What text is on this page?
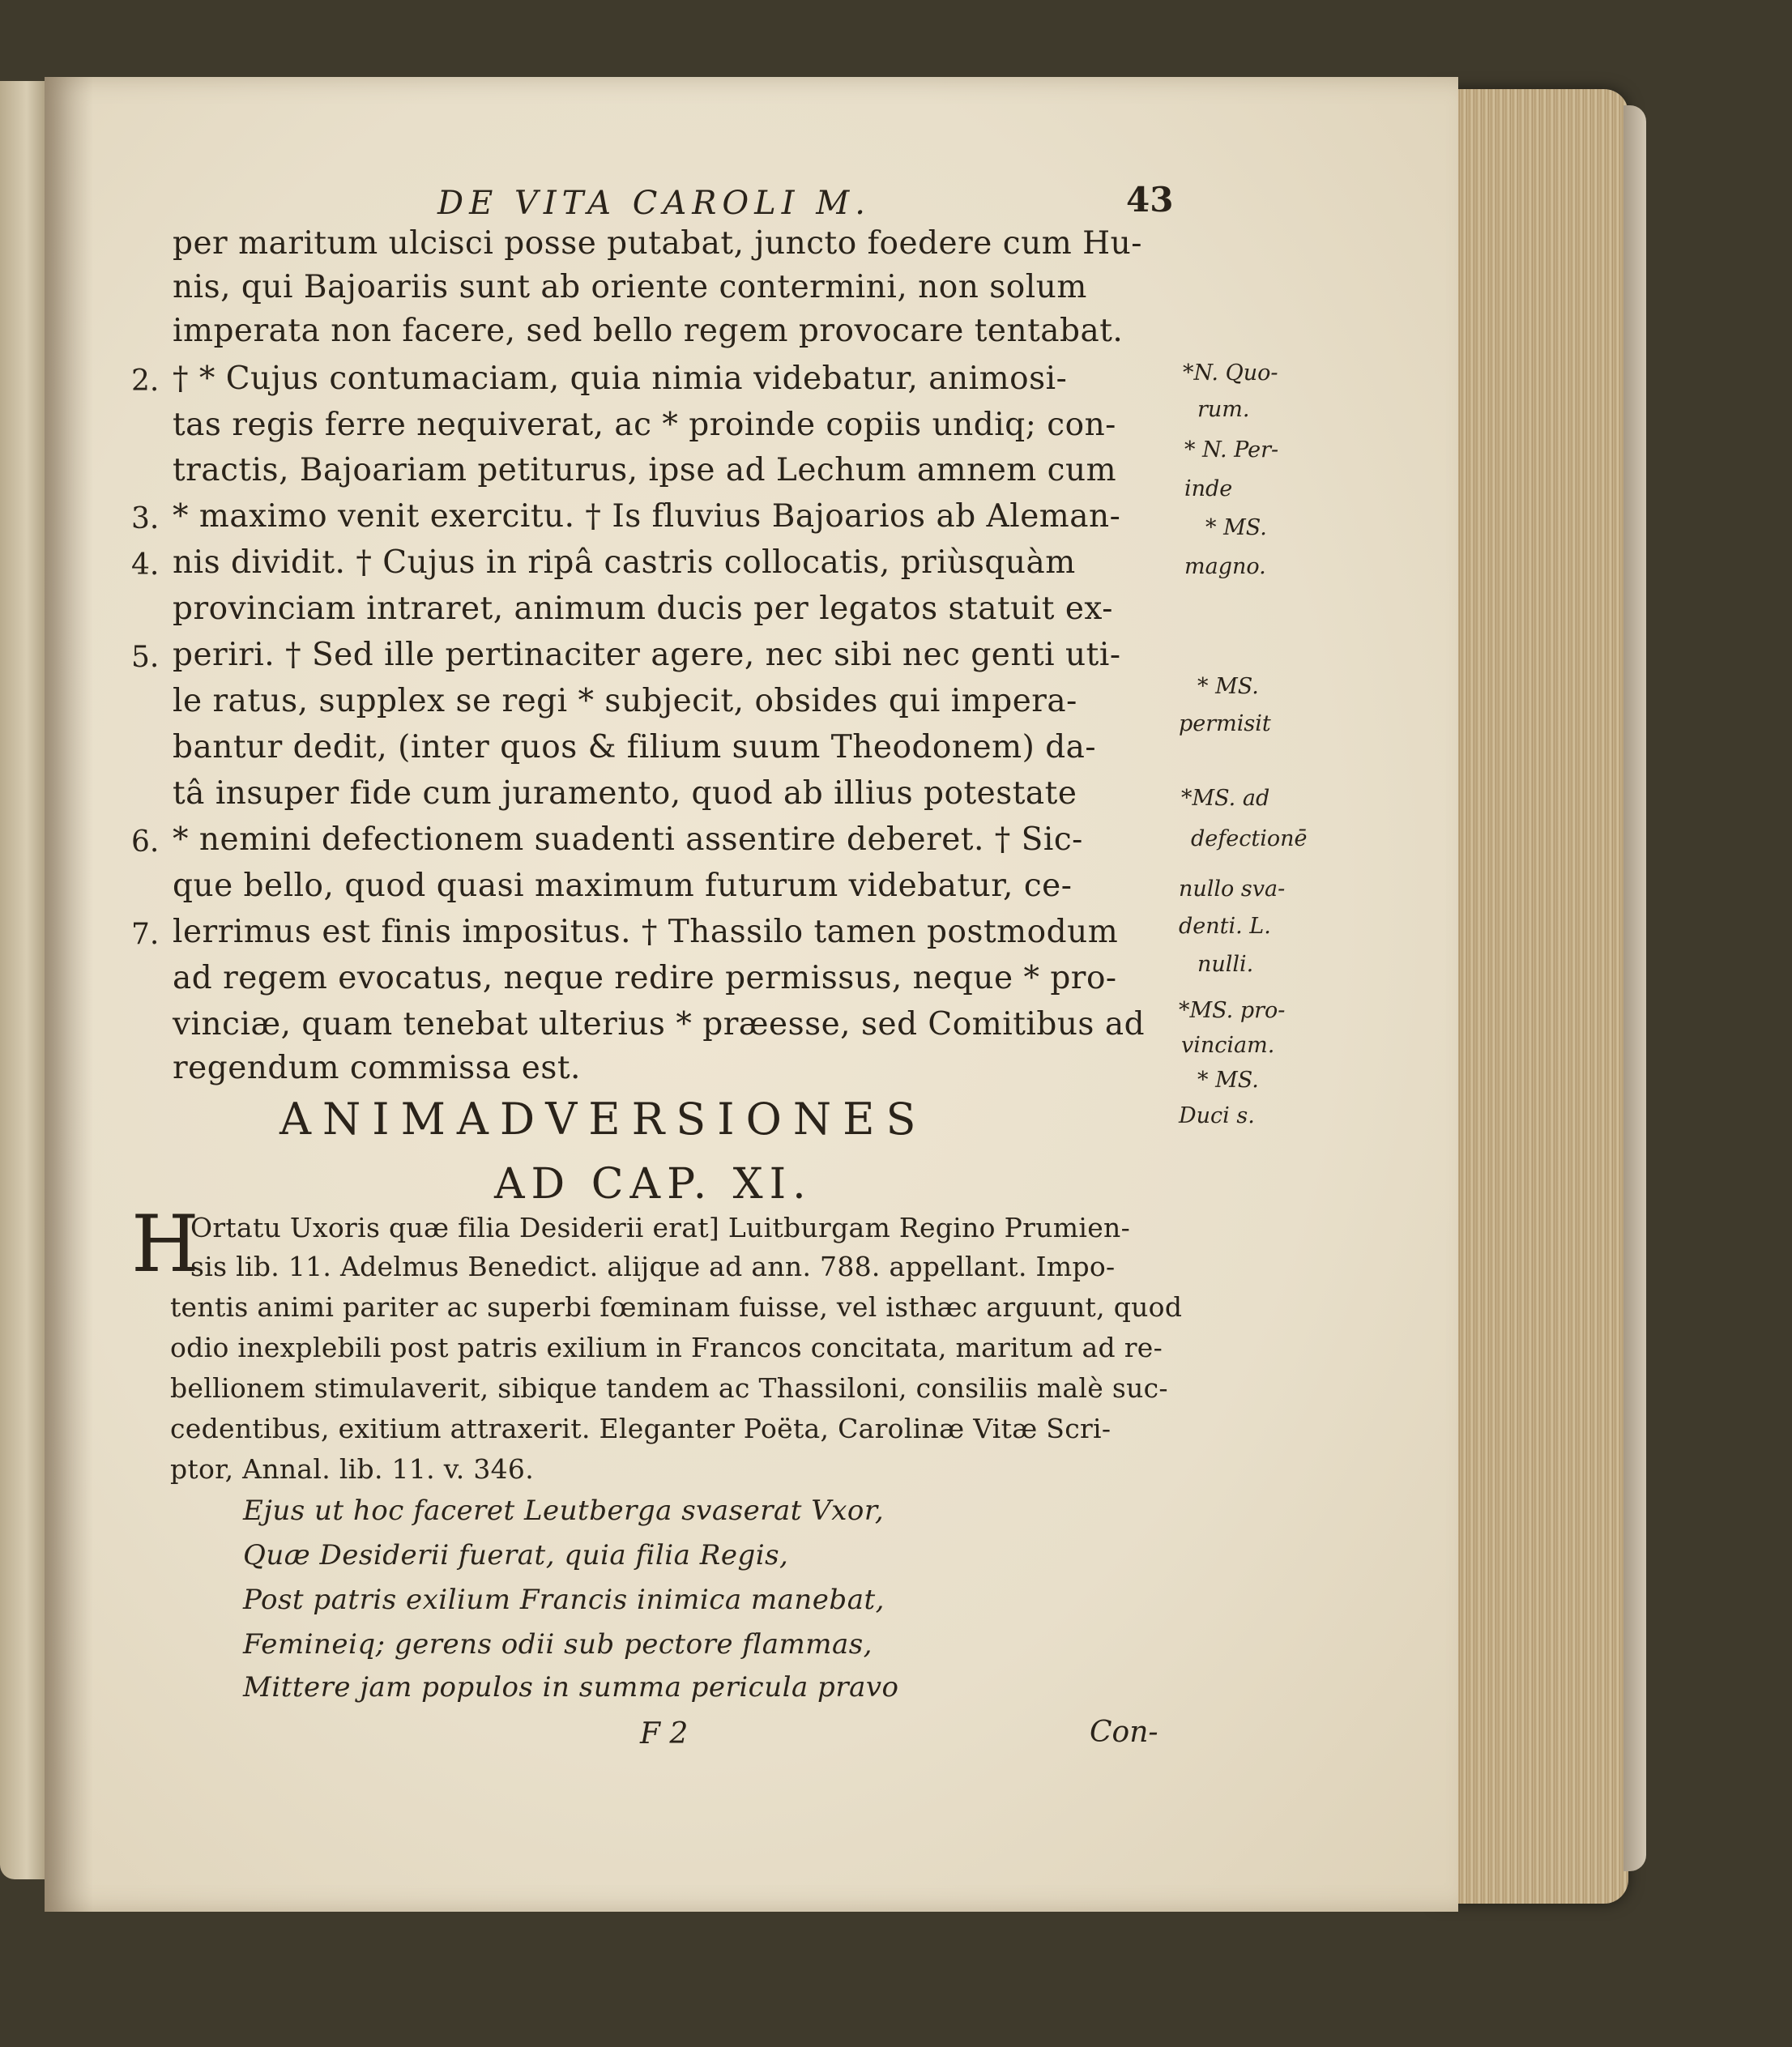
DE VITA CAROLI M.	43
per maritum ulcisci posse putabat, juncto foedere cum Hu-
nis, qui Bajoariis sunt ab oriente contermini, non solum
imperata non facere, sed bello regem provocare tentabat.
† * Cujus contumaciam, quia nimia videbatur, animosi-
tas regis ferre nequiverat, ac * proinde copiis undiq; con-
tractis, Bajoariam petiturus, ipse ad Lechum amnem cum
* maximo venit exercitu. † Is fluvius Bajoarios ab Aleman-
nis dividit. † Cujus in ripâ castris collocatis, priùsquàm
provinciam intraret, animum ducis per legatos statuit ex-
periri. † Sed ille pertinaciter agere, nec sibi nec genti uti-
le ratus, supplex se regi * subjecit, obsides qui impera-
bantur dedit, (inter quos & filium suum Theodonem) da-
tâ insuper fide cum juramento, quod ab illius potestate
* nemini defectionem suadenti assentire deberet. † Sic-
que bello, quod quasi maximum futurum videbatur, ce-
lerrimus est finis impositus. † Thassilo tamen postmodum
ad regem evocatus, neque redire permissus, neque * pro-
vinciæ, quam tenebat ulterius * præesse, sed Comitibus ad
regendum commissa est.
2.
3.
4.
5.
6.
7.
*N. Quo-
rum.
* N. Per-
inde
* MS.
magno.
* MS.
permisit
*MS. ad
defectionē
nullo sva-
denti. L.
nulli.
*MS. pro-
vinciam.
* MS.
Duci s.
ANIMADVERSIONES
AD CAP. XI.
H
Ortatu Uxoris quæ filia Desiderii erat] Luitburgam Regino Prumien-
sis lib. 11. Adelmus Benedict. alijque ad ann. 788. appellant. Impo-
tentis animi pariter ac superbi fœminam fuisse, vel isthæc arguunt, quod
odio inexplebili post patris exilium in Francos concitata, maritum ad re-
bellionem stimulaverit, sibique tandem ac Thassiloni, consiliis malè suc-
cedentibus, exitium attraxerit. Eleganter Poëta, Carolinæ Vitæ Scri-
ptor, Annal. lib. 11. v. 346.
Ejus ut hoc faceret Leutberga svaserat Vxor,
Quæ Desiderii fuerat, quia filia Regis,
Post patris exilium Francis inimica manebat,
Femineiq; gerens odii sub pectore flammas,
Mittere jam populos in summa pericula pravo
F 2	Con-
